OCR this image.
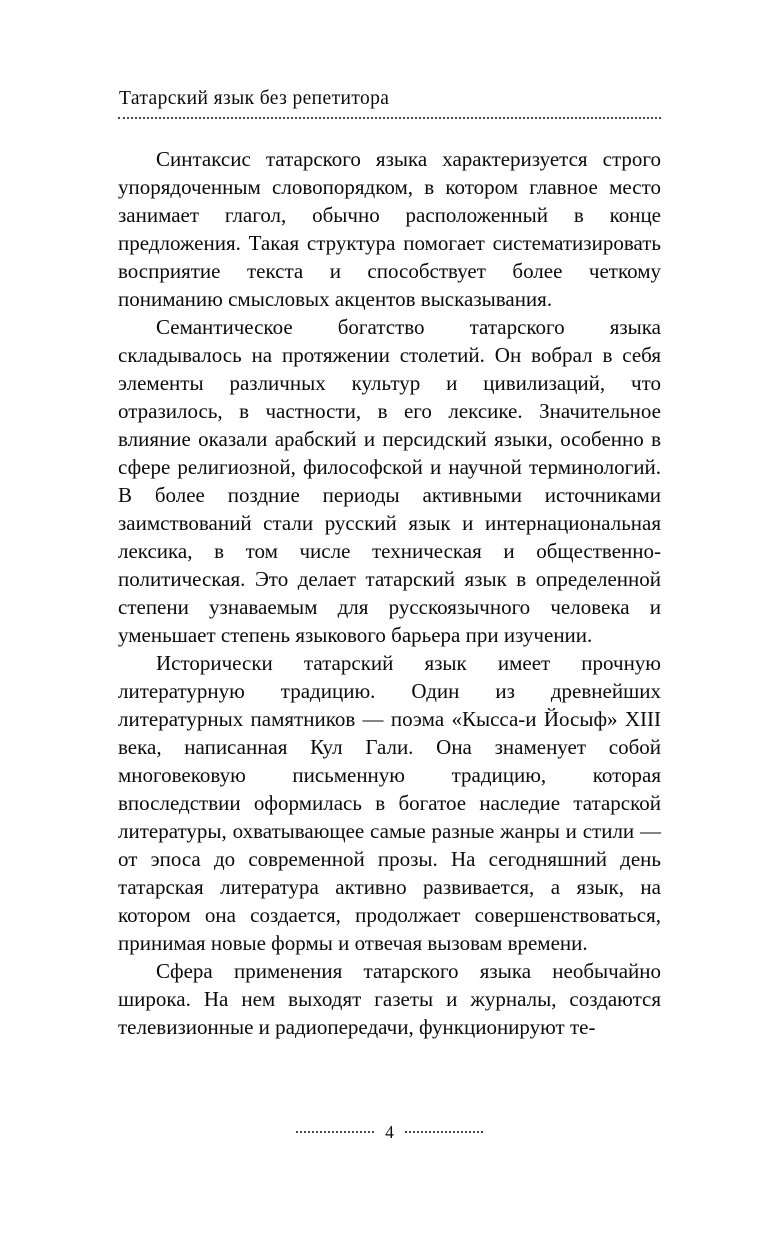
Татарский язык без репетитора

Синтаксис татарского языка характеризуется строго упорядоченным словопорядком, в котором главное место занимает глагол, обычно расположенный в конце предложения. Такая структура помогает систематизировать восприятие текста и способствует более четкому пониманию смысловых акцентов высказывания.

Семантическое богатство татарского языка складывалось на протяжении столетий. Он вобрал в себя элементы различных культур и цивилизаций, что отразилось, в частности, в его лексике. Значительное влияние оказали арабский и персидский языки, особенно в сфере религиозной, философской и научной терминологий. В более поздние периоды активными источниками заимствований стали русский язык и интернациональная лексика, в том числе техническая и общественно-политическая. Это делает татарский язык в определенной степени узнаваемым для русскоязычного человека и уменьшает степень языкового барьера при изучении.

Исторически татарский язык имеет прочную литературную традицию. Один из древнейших литературных памятников — поэма «Кысса-и Йосыф» XIII века, написанная Кул Гали. Она знаменует собой многовековую письменную традицию, которая впоследствии оформилась в богатое наследие татарской литературы, охватывающее самые разные жанры и стили — от эпоса до современной прозы. На сегодняшний день татарская литература активно развивается, а язык, на котором она создается, продолжает совершенствоваться, принимая новые формы и отвечая вызовам времени.

Сфера применения татарского языка необычайно широка. На нем выходят газеты и журналы, создаются телевизионные и радиопередачи, функционируют те-

4
